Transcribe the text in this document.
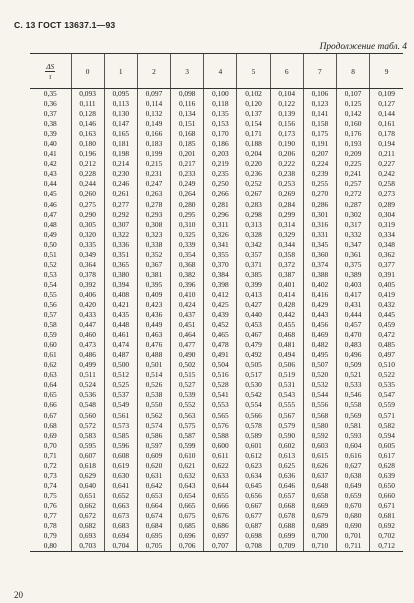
С. 13 ГОСТ 13637.1—93
Продолжение табл. 4
$\frac{\Delta S}{\tau}$	0	1	2	3	4	5	6	7	8	9
0,35	0,093	0,095	0,097	0,098	0,100	0,102	0,104	0,106	0,107	0,109
0,36	0,111	0,113	0,114	0,116	0,118	0,120	0,122	0,123	0,125	0,127
0,37	0,128	0,130	0,132	0,134	0,135	0,137	0,139	0,141	0,142	0,144
0,38	0,146	0,147	0,149	0,151	0,153	0,154	0,156	0,158	0,160	0,161
0,39	0,163	0,165	0,166	0,168	0,170	0,171	0,173	0,175	0,176	0,178
0,40	0,180	0,181	0,183	0,185	0,186	0,188	0,190	0,191	0,193	0,194
0,41	0,196	0,198	0,199	0,201	0,203	0,204	0,206	0,207	0,209	0,211
0,42	0,212	0,214	0,215	0,217	0,219	0,220	0,222	0,224	0,225	0,227
0,43	0,228	0,230	0,231	0,233	0,235	0,236	0,238	0,239	0,241	0,242
0,44	0,244	0,246	0,247	0,249	0,250	0,252	0,253	0,255	0,257	0,258
0,45	0,260	0,261	0,263	0,264	0,266	0,267	0,269	0,270	0,272	0,273
0,46	0,275	0,277	0,278	0,280	0,281	0,283	0,284	0,286	0,287	0,289
0,47	0,290	0,292	0,293	0,295	0,296	0,298	0,299	0,301	0,302	0,304
0,48	0,305	0,307	0,308	0,310	0,311	0,313	0,314	0,316	0,317	0,319
0,49	0,320	0,322	0,323	0,325	0,326	0,328	0,329	0,331	0,332	0,334
0,50	0,335	0,336	0,338	0,339	0,341	0,342	0,344	0,345	0,347	0,348
0,51	0,349	0,351	0,352	0,354	0,355	0,357	0,358	0,360	0,361	0,362
0,52	0,364	0,365	0,367	0,368	0,370	0,371	0,372	0,374	0,375	0,377
0,53	0,378	0,380	0,381	0,382	0,384	0,385	0,387	0,388	0,389	0,391
0,54	0,392	0,394	0,395	0,396	0,398	0,399	0,401	0,402	0,403	0,405
0,55	0,406	0,408	0,409	0,410	0,412	0,413	0,414	0,416	0,417	0,419
0,56	0,420	0,421	0,423	0,424	0,425	0,427	0,428	0,429	0,431	0,432
0,57	0,433	0,435	0,436	0,437	0,439	0,440	0,442	0,443	0,444	0,445
0,58	0,447	0,448	0,449	0,451	0,452	0,453	0,455	0,456	0,457	0,459
0,59	0,460	0,461	0,463	0,464	0,465	0,467	0,468	0,469	0,470	0,472
0,60	0,473	0,474	0,476	0,477	0,478	0,479	0,481	0,482	0,483	0,485
0,61	0,486	0,487	0,488	0,490	0,491	0,492	0,494	0,495	0,496	0,497
0,62	0,499	0,500	0,501	0,502	0,504	0,505	0,506	0,507	0,509	0,510
0,63	0,511	0,512	0,514	0,515	0,516	0,517	0,519	0,520	0,521	0,522
0,64	0,524	0,525	0,526	0,527	0,528	0,530	0,531	0,532	0,533	0,535
0,65	0,536	0,537	0,538	0,539	0,541	0,542	0,543	0,544	0,546	0,547
0,66	0,548	0,549	0,550	0,552	0,553	0,554	0,555	0,556	0,558	0,559
0,67	0,560	0,561	0,562	0,563	0,565	0,566	0,567	0,568	0,569	0,571
0,68	0,572	0,573	0,574	0,575	0,576	0,578	0,579	0,580	0,581	0,582
0,69	0,583	0,585	0,586	0,587	0,588	0,589	0,590	0,592	0,593	0,594
0,70	0,595	0,596	0,597	0,599	0,600	0,601	0,602	0,603	0,604	0,605
0,71	0,607	0,608	0,609	0,610	0,611	0,612	0,613	0,615	0,616	0,617
0,72	0,618	0,619	0,620	0,621	0,622	0,623	0,625	0,626	0,627	0,628
0,73	0,629	0,630	0,631	0,632	0,633	0,634	0,636	0,637	0,638	0,639
0,74	0,640	0,641	0,642	0,643	0,644	0,645	0,646	0,648	0,649	0,650
0,75	0,651	0,652	0,653	0,654	0,655	0,656	0,657	0,658	0,659	0,660
0,76	0,662	0,663	0,664	0,665	0,666	0,667	0,668	0,669	0,670	0,671
0,77	0,672	0,673	0,674	0,675	0,676	0,677	0,678	0,679	0,680	0,681
0,78	0,682	0,683	0,684	0,685	0,686	0,687	0,688	0,689	0,690	0,692
0,79	0,693	0,694	0,695	0,696	0,697	0,698	0,699	0,700	0,701	0,702
0,80	0,703	0,704	0,705	0,706	0,707	0,708	0,709	0,710	0,711	0,712
20
